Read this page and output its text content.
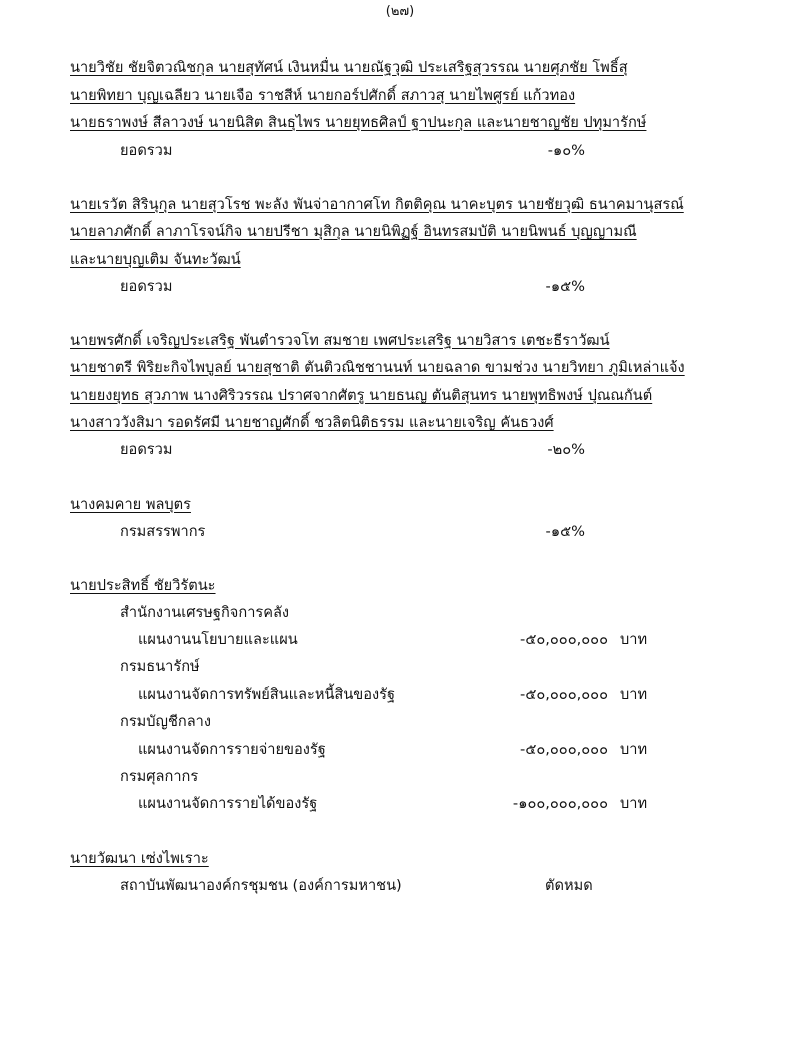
(๒๗)
นายวิชัย ชัยจิตวณิชกุล นายสุทัศน์ เงินหมื่น นายณัฐวุฒิ ประเสริฐสุวรรณ นายศุภชัย โพธิ์สุ
นายพิทยา บุญเฉลียว นายเจือ ราชสีห์ นายกอร์ปศักดิ์ สภาวสุ นายไพศูรย์ แก้วทอง
นายธราพงษ์ สีลาวงษ์ นายนิสิต สินธุไพร นายยุทธศิลป์ ฐาปนะกุล และนายชาญชัย ปทุมารักษ์
ยอดรวม	-๑๐%
นายเรวัต สิรินุกุล นายสุวโรช พะลัง พันจ่าอากาศโท กิตติคุณ นาคะบุตร นายชัยวุฒิ ธนาคมานุสรณ์
นายลาภศักดิ์ ลาภาโรจน์กิจ นายปรีชา มุสิกุล นายนิพิฏฐ์ อินทรสมบัติ นายนิพนธ์ บุญญามณี
และนายบุญเติม จันทะวัฒน์
ยอดรวม	-๑๕%
นายพรศักดิ์ เจริญประเสริฐ พันตำรวจโท สมชาย เพศประเสริฐ นายวิสาร เตชะธีราวัฒน์
นายชาตรี พิริยะกิจไพบูลย์ นายสุชาติ ตันติวณิชชานนท์ นายฉลาด ขามช่วง นายวิทยา ภูมิเหล่าแจ้ง
นายยงยุทธ สุวภาพ นางศิริวรรณ ปราศจากศัตรู นายธนญ ตันติสุนทร นายพุทธิพงษ์ ปุณณกันต์
นางสาววังสิมา รอดรัศมี นายชาญศักดิ์ ชวลิตนิติธรรม และนายเจริญ คันธวงศ์
ยอดรวม	-๒๐%
นางคมคาย พลบุตร
กรมสรรพากร	-๑๕%
นายประสิทธิ์ ชัยวิรัตนะ
สำนักงานเศรษฐกิจการคลัง
แผนงานนโยบายและแผน	-๕๐,๐๐๐,๐๐๐ บาท
กรมธนารักษ์
แผนงานจัดการทรัพย์สินและหนี้สินของรัฐ	-๕๐,๐๐๐,๐๐๐ บาท
กรมบัญชีกลาง
แผนงานจัดการรายจ่ายของรัฐ	-๕๐,๐๐๐,๐๐๐ บาท
กรมศุลกากร
แผนงานจัดการรายได้ของรัฐ	-๑๐๐,๐๐๐,๐๐๐ บาท
นายวัฒนา เซ่งไพเราะ
สถาบันพัฒนาองค์กรชุมชน (องค์การมหาชน)	ตัดหมด
